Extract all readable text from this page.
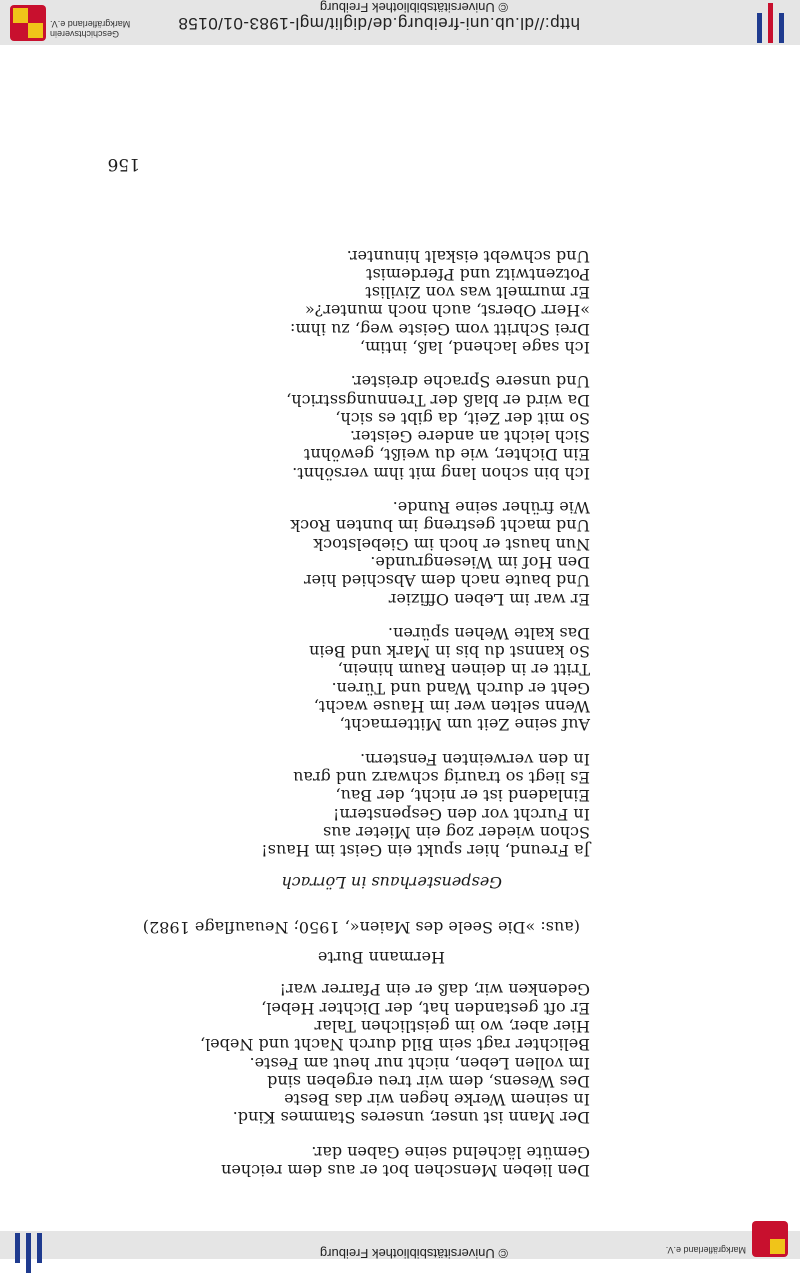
Markgräflerland e.V.
© Universitätsbibliothek Freiburg
Den lieben Menschen bot er aus dem reichen
Gemüte lächelnd seine Gaben dar.
Der Mann ist unser, unseres Stammes Kind.
In seinem Werke hegen wir das Beste
Des Wesens, dem wir treu ergeben sind
Im vollen Leben, nicht nur heut am Feste.
Belichter ragt sein Bild durch Nacht und Nebel,
Hier aber, wo im geistlichen Talar
Er oft gestanden hat, der Dichter Hebel,
Gedenken wir, daß er ein Pfarrer war!
Hermann Burte
(aus: »Die Seele des Maien«, 1950; Neuauflage 1982)
Gespensterhaus in Lörrach
Ja Freund, hier spukt ein Geist im Haus!
Schon wieder zog ein Mieter aus
In Furcht vor den Gespenstern!
Einladend ist er nicht, der Bau,
Es liegt so traurig schwarz und grau
In den verweinten Fenstern.
Auf seine Zeit um Mitternacht,
Wenn selten wer im Hause wacht,
Geht er durch Wand und Türen.
Tritt er in deinen Raum hinein,
So kannst du bis in Mark und Bein
Das kalte Wehen spüren.
Er war im Leben Offizier
Und baute nach dem Abschied hier
Den Hof im Wiesengrunde.
Nun haust er hoch im Giebelstock
Und macht gestreng im bunten Rock
Wie früher seine Runde.
Ich bin schon lang mit ihm versöhnt.
Ein Dichter, wie du weißt, gewöhnt
Sich leicht an andere Geister.
So mit der Zeit, da gibt es sich,
Da wird er blaß der Trennungsstrich,
Und unsere Sprache dreister.
Ich sage lachend, laß, intim,
Drei Schritt vom Geiste weg, zu ihm:
»Herr Oberst, auch noch munter?«
Er murmelt was von Zivilist
Potzentwitz und Pferdemist
Und schwebt eiskalt hinunter.
156
http://dl.ub.uni-freiburg.de/diglit/mgl-1983-01/0158
© Universitätsbibliothek Freiburg
Geschichtsverein
Markgräflerland e.V.
